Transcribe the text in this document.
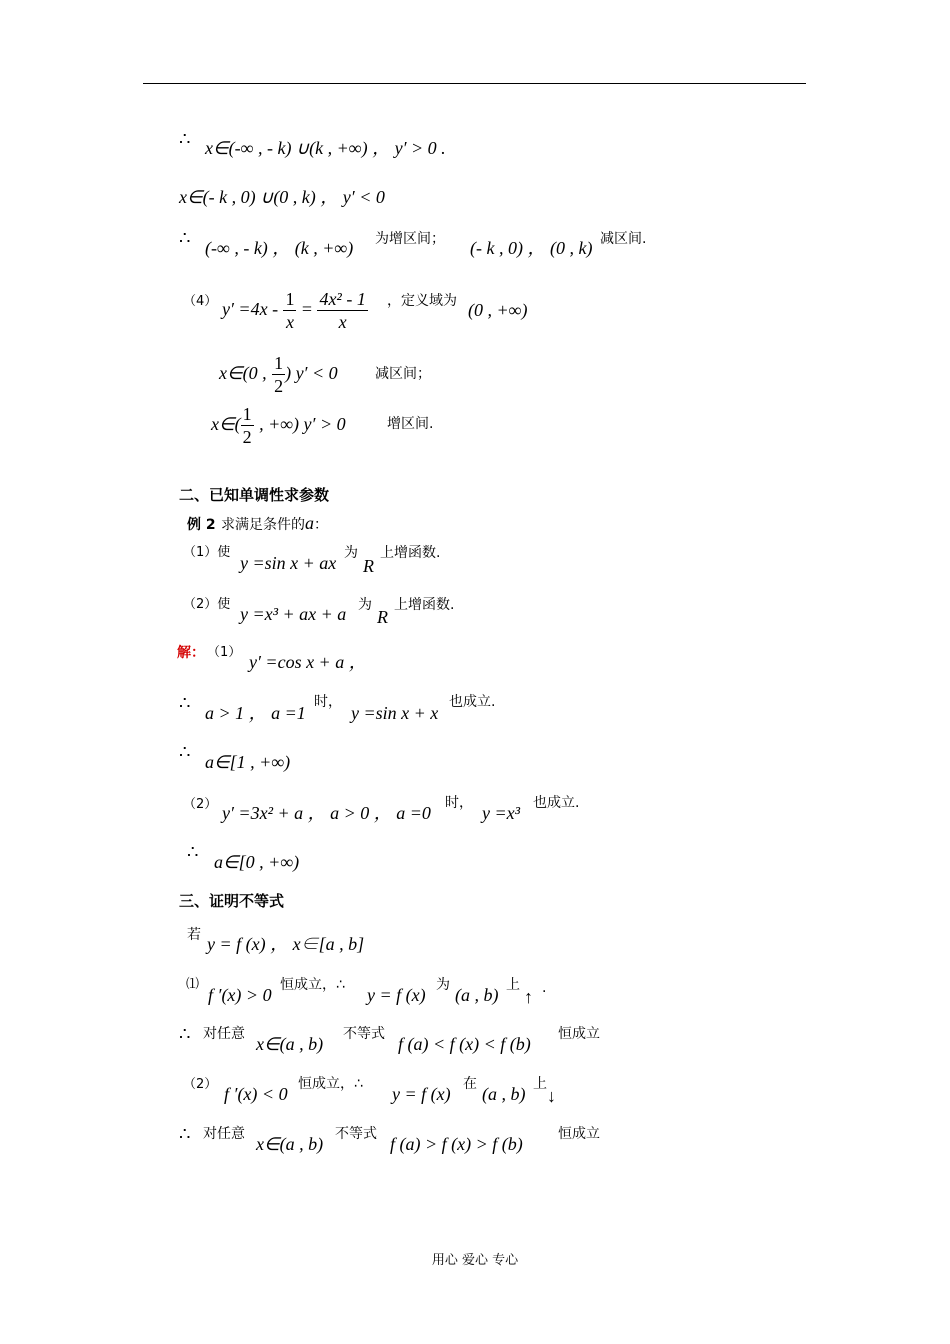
∴ x∈(-∞ , - k) ∪(k , +∞) ， y′ > 0 .
x∈(- k , 0) ∪(0 , k) ， y′ < 0
∴ (-∞ , - k) ， (k , +∞) 为增区间； (- k , 0) ， (0 , k) 减区间.
（4） $y' =4x - \frac{1}{x} = \frac{\text{4x² - 1}}{x}$ ，定义域为 (0 , +∞)
x∈(0 , $\frac{1}{2}$ ) y′ < 0	减区间；
x∈( $\frac{1}{2}$ , +∞) y′ > 0	增区间.
二、已知单调性求参数
例 2 求满足条件的a：
（1）使
y =sin x + ax 为
R
上增函数.
（2）使 y =x³ + ax + a 为
R
上增函数.
解： （1） y′ =cos x + a ，
∴ a > 1 ， a =1
时，
y =sin x + x
也成立.
∴ a∈[1 , +∞)
（2） y′ =3x² + a ， a > 0 ， a =0 时， y =x³ 也成立.
∴ a∈[0 , +∞)
三、证明不等式
若 y = f (x) ， x∈[a , b]
⑴
f ′(x) > 0 恒成立，∴ y = f (x) 为 (a , b) 上
↑ .
∴ 对任意 x∈(a , b) 不等式 f (a) < f (x) < f (b) 恒成立
（2） f ′(x) < 0 恒成立，∴ y = f (x) 在 (a , b) 上
↓
∴ 对任意 x∈(a , b) 不等式 f (a) > f (x) > f (b)	恒成立
用心 爱心 专心
